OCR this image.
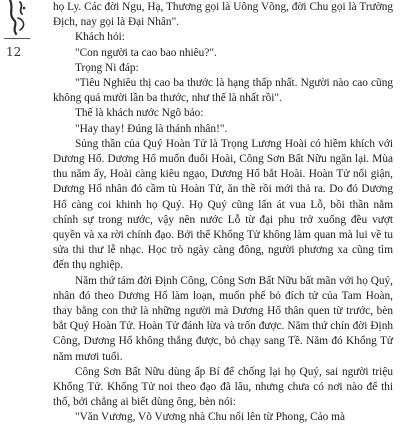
12

họ Ly. Các đời Ngu, Hạ, Thương gọi là Uông Võng, đời Chu gọi là Trường Địch, nay gọi là Đại Nhân".

Khách hỏi:

"Con người ta cao bao nhiêu?".

Trọng Ni đáp:

"Tiêu Nghiêu thị cao ba thước là hạng thấp nhất. Người nào cao cũng không quá mười lần ba thước, như thế là nhất rồi".

Thế là khách nước Ngô bảo:

"Hay thay! Đúng là thánh nhân!".

Sủng thần của Quý Hoàn Tử là Trọng Lương Hoài có hiềm khích với Dương Hổ. Dương Hổ muốn đuổi Hoài, Công Sơn Bất Nữu ngăn lại. Mùa thu năm ấy, Hoài càng kiêu ngạo, Dương Hổ bắt Hoài. Hoàn Tử nổi giận, Dương Hổ nhân đó cầm tù Hoàn Tử, ăn thề rồi mới thả ra. Do đó Dương Hổ càng coi khinh họ Quý. Họ Quý cũng lấn át vua Lỗ, bồi thần nắm chính sự trong nước, vậy nên nước Lỗ từ đại phu trở xuống đều vượt quyền và xa rời chính đạo. Bởi thế Khổng Tử không làm quan mà lui về tu sửa thi thư lễ nhạc. Học trò ngày càng đông, người phương xa cũng tìm đến thụ nghiệp.

Năm thứ tám đời Định Công, Công Sơn Bất Nữu bất mãn với họ Quý, nhân đó theo Dương Hổ làm loạn, muốn phế bỏ đích tử của Tam Hoàn, thay bằng con thứ là những người mà Dương Hổ thân quen từ trước, bèn bắt Quý Hoàn Tử. Hoàn Tử đánh lừa và trốn được. Năm thứ chín đời Định Công, Dương Hổ không thắng được, bỏ chạy sang Tề. Năm đó Khổng Tử năm mươi tuổi.

Công Sơn Bất Nữu dùng ấp Bí để chống lại họ Quý, sai người triệu Khổng Tử. Khổng Tử noi theo đạo đã lâu, nhưng chưa có nơi nào để thi thố, bởi chẳng ai biết dùng ông, bèn nói:

"Văn Vương, Võ Vương nhà Chu nổi lên từ Phong, Cảo mà
